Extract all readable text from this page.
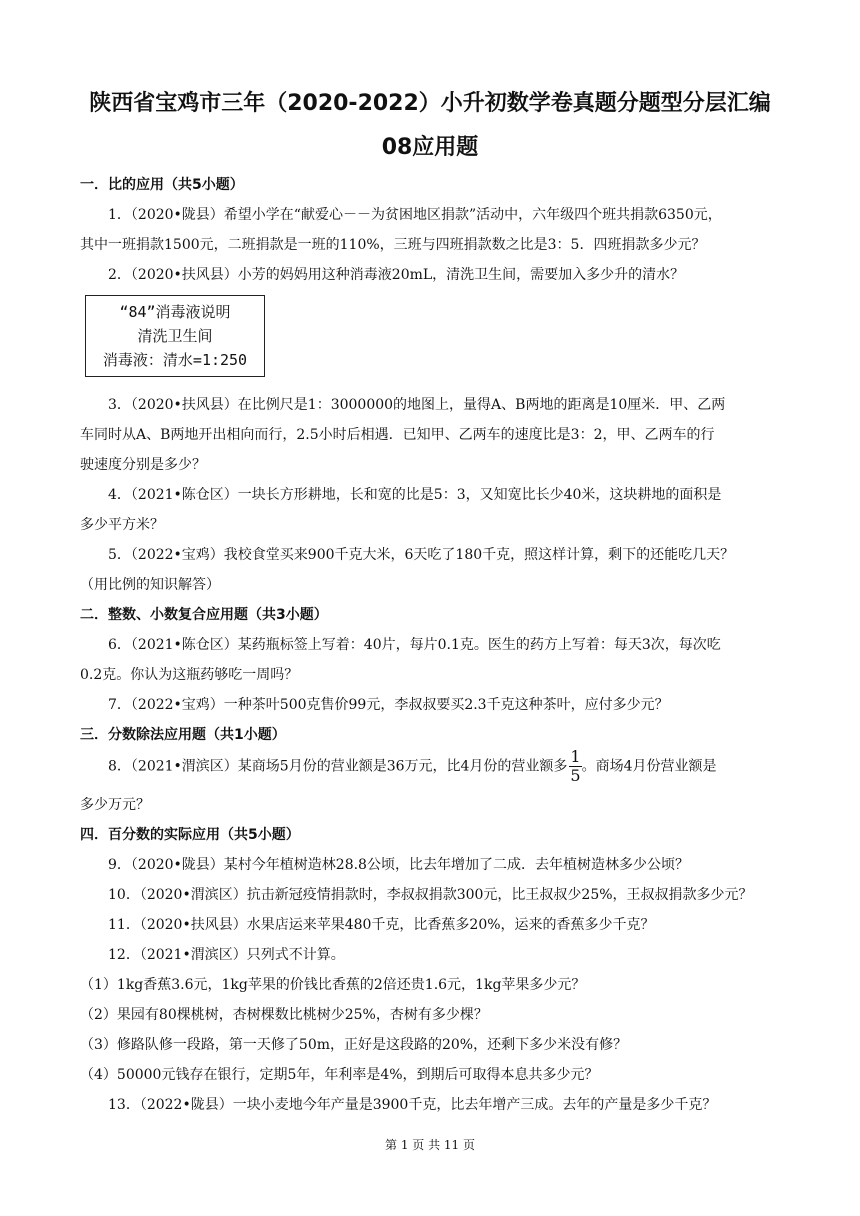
陕西省宝鸡市三年（2020-2022）小升初数学卷真题分题型分层汇编
08应用题
一．比的应用（共5小题）
1．（2020•陇县）希望小学在“献爱心－－为贫困地区捐款”活动中，六年级四个班共捐款6350元，
其中一班捐款1500元，二班捐款是一班的110%，三班与四班捐款数之比是3：5．四班捐款多少元？
2．（2020•扶风县）小芳的妈妈用这种消毒液20mL，清洗卫生间，需要加入多少升的清水？
“84”消毒液说明
清洗卫生间
消毒液：清水=1:250
3．（2020•扶风县）在比例尺是1：3000000的地图上，量得A、B两地的距离是10厘米．甲、乙两
车同时从A、B两地开出相向而行，2.5小时后相遇．已知甲、乙两车的速度比是3：2，甲、乙两车的行
驶速度分别是多少？
4．（2021•陈仓区）一块长方形耕地，长和宽的比是5：3，又知宽比长少40米，这块耕地的面积是
多少平方米？
5．（2022•宝鸡）我校食堂买来900千克大米，6天吃了180千克，照这样计算，剩下的还能吃几天？
（用比例的知识解答）
二．整数、小数复合应用题（共3小题）
6．（2021•陈仓区）某药瓶标签上写着：40片，每片0.1克。医生的药方上写着：每天3次，每次吃
0.2克。你认为这瓶药够吃一周吗？
7．（2022•宝鸡）一种茶叶500克售价99元，李叔叔要买2.3千克这种茶叶，应付多少元？
三．分数除法应用题（共1小题）
8．（2021•渭滨区）某商场5月份的营业额是36万元，比4月份的营业额多 $\frac{1}{5}$ 。商场4月份营业额是
多少万元？
四．百分数的实际应用（共5小题）
9．（2020•陇县）某村今年植树造林28.8公顷，比去年增加了二成．去年植树造林多少公顷？
10．（2020•渭滨区）抗击新冠疫情捐款时，李叔叔捐款300元，比王叔叔少25%，王叔叔捐款多少元？
11．（2020•扶风县）水果店运来苹果480千克，比香蕉多20%，运来的香蕉多少千克？
12．（2021•渭滨区）只列式不计算。
（1）1kg香蕉3.6元，1kg苹果的价钱比香蕉的2倍还贵1.6元，1kg苹果多少元？
（2）果园有80棵桃树，杏树棵数比桃树少25%，杏树有多少棵？
（3）修路队修一段路，第一天修了50m，正好是这段路的20%，还剩下多少米没有修？
（4）50000元钱存在银行，定期5年，年利率是4%，到期后可取得本息共多少元？
13．（2022•陇县）一块小麦地今年产量是3900千克，比去年增产三成。去年的产量是多少千克？
第 1 页 共 11 页
